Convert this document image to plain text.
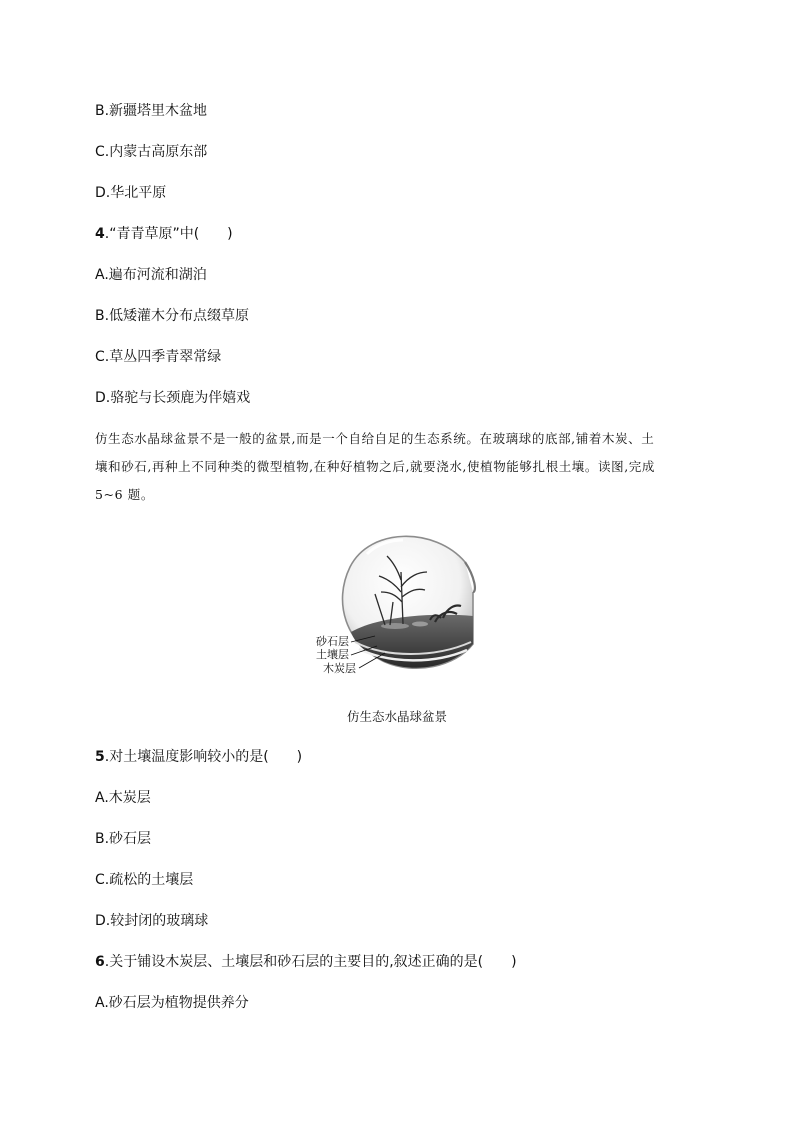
B.新疆塔里木盆地
C.内蒙古高原东部
D.华北平原
4.“青青草原”中(　　)
A.遍布河流和湖泊
B.低矮灌木分布点缀草原
C.草丛四季青翠常绿
D.骆驼与长颈鹿为伴嬉戏

仿生态水晶球盆景不是一般的盆景,而是一个自给自足的生态系统。在玻璃球的底部,铺着木炭、土

壤和砂石,再种上不同种类的微型植物,在种好植物之后,就要浇水,使植物能够扎根土壤。读图,完成

5~6 题。

砂石层
土壤层
木炭层
仿生态水晶球盆景
5.对土壤温度影响较小的是(　　)
A.木炭层
B.砂石层
C.疏松的土壤层
D.较封闭的玻璃球
6.关于铺设木炭层、土壤层和砂石层的主要目的,叙述正确的是(　　)
A.砂石层为植物提供养分
